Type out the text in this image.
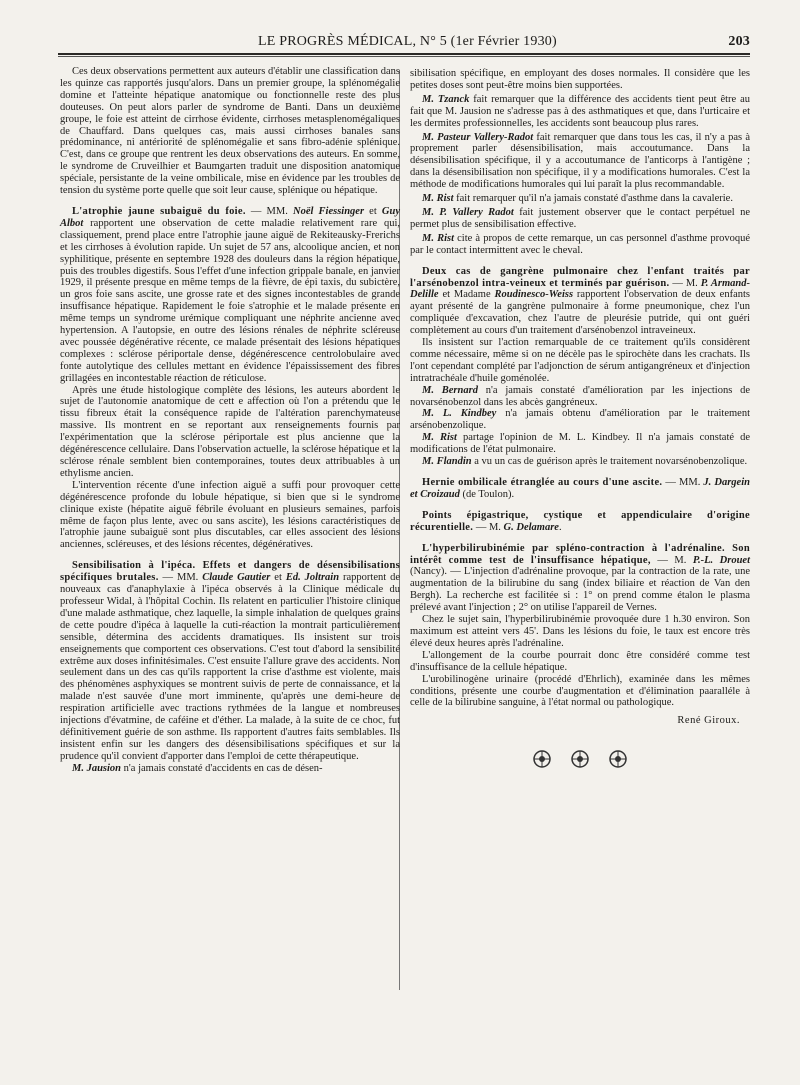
LE PROGRÈS MÉDICAL, N° 5 (1er Février 1930)	203

Ces deux observations permettent aux auteurs d'établir une classification dans les quinze cas rapportés jusqu'alors. Dans un premier groupe, la splénomégalie domine et l'atteinte hépatique anatomique ou fonctionnelle reste des plus douteuses. On peut alors parler de syndrome de Banti. Dans un deuxième groupe, le foie est atteint de cirrhose évidente, cirrhoses metasplenomégaliques de Chauffard. Dans quelques cas, mais aussi cirrhoses banales sans prédominance, ni antériorité de splénomégalie et sans fibro-adénie splénique. C'est, dans ce groupe que rentrent les deux observations des auteurs. En somme, le syndrome de Cruveilhier et Baumgarten traduit une disposition anatomique spéciale, persistante de la veine ombilicale, mise en évidence par les troubles de tension du système porte quelle que soit leur cause, splénique ou hépatique.

L'atrophie jaune subaiguë du foie. — MM. Noël Fiessinger et Guy Albot rapportent une observation de cette maladie relativement rare qui, classiquement, prend place entre l'atrophie jaune aiguë de Rekiteausky-Frerichs et les cirrhoses à évolution rapide. Un sujet de 57 ans, alcoolique ancien, et non syphilitique, présente en septembre 1928 des douleurs dans la région hépatique, puis des troubles digestifs. Sous l'effet d'une infection grippale banale, en janvier 1929, il présente presque en même temps de la fièvre, de épi taxis, du subictère, un gros foie sans ascite, une grosse rate et des signes incontestables de grande insuffisance hépatique. Rapidement le foie s'atrophie et le malade présente en même temps un syndrome urémique compliquant une néphrite ancienne avec hypertension. A l'autopsie, en outre des lésions rénales de néphrite scléreuse avec poussée dégénérative récente, ce malade présentait des lésions hépatiques complexes : sclérose périportale dense, dégénérescence centrolobulaire avec fonte autolytique des cellules mettant en évidence l'épaississement des fibres grillagées en incontestable réaction de réticulose.

Après une étude histologique complète des lésions, les auteurs abordent le sujet de l'autonomie anatomique de cett e affection où l'on a prétendu que le tissu fibreux était la conséquence rapide de l'altération parenchymateuse massive. Ils montrent en se reportant aux renseignements fournis par l'expérimentation que la sclérose périportale est plus ancienne que la dégénérescence cellulaire. Dans l'observation actuelle, la sclérose hépatique et la sclérose rénale semblent bien contemporaines, toutes deux attribuables à un ethylisme ancien.

L'intervention récente d'une infection aiguë a suffi pour provoquer cette dégénérescence profonde du lobule hépatique, si bien que si le syndrome clinique existe (hépatite aiguë fébrile évoluant en plusieurs semaines, parfois même de façon plus lente, avec ou sans ascite), les lésions caractéristiques de l'atrophie jaune subaiguë sont plus discutables, car elles associent des lésions anciennes, scléreuses, et des lésions récentes, dégénératives.

Sensibilisation à l'ipéca. Effets et dangers de désensibilisations spécifiques brutales. — MM. Claude Gautier et Ed. Joltrain rapportent de nouveaux cas d'anaphylaxie à l'ipéca observés à la Clinique médicale du professeur Widal, à l'hôpital Cochin. Ils relatent en particulier l'histoire clinique d'une malade asthmatique, chez laquelle, la simple inhalation de quelques grains de cette poudre d'ipéca à laquelle la cuti-réaction la montrait particulièrement sensible, détermina des accidents dramatiques. Ils insistent sur trois enseignements que comportent ces observations. C'est tout d'abord la sensibilité extrême aux doses infinitésimales. C'est ensuite l'allure grave des accidents. Non seulement dans un des cas qu'ils rapportent la crise d'asthme est violente, mais des phénomènes asphyxiques se montrent suivis de perte de connaissance, et la malade n'est sauvée d'une mort imminente, qu'après une demi-heure de respiration artificielle avec tractions rythmées de la langue et nombreuses injections d'évatmine, de caféine et d'éther. La malade, à la suite de ce choc, fut définitivement guérie de son asthme. Ils rapportent d'autres faits semblables. Ils insistent enfin sur les dangers des désensibilisations spécifiques et sur la prudence qu'il convient d'apporter dans l'emploi de cette thérapeutique.

M. Jausion n'a jamais constaté d'accidents en cas de désen-

sibilisation spécifique, en employant des doses normales. Il considère que les petites doses sont peut-être moins bien supportées.

M. Tzanck fait remarquer que la différence des accidents tient peut être au fait que M. Jausion ne s'adresse pas à des asthmatiques et que, dans l'urticaire et les dermites professionnelles, les accidents sont beaucoup plus rares.

M. Pasteur Vallery-Radot fait remarquer que dans tous les cas, il n'y a pas à proprement parler désensibilisation, mais accoutumance. Dans la désensibilisation spécifique, il y a accoutumance de l'anticorps à l'antigène ; dans la désensibilisation non spécifique, il y a modifications humorales. C'est la méthode de modifications humorales qui lui paraît la plus recommandable.

M. Rist fait remarquer qu'il n'a jamais constaté d'asthme dans la cavalerie.

M. P. Vallery Radot fait justement observer que le contact perpétuel ne permet plus de sensibilisation effective.

M. Rist cite à propos de cette remarque, un cas personnel d'asthme provoqué par le contact intermittent avec le cheval.

Deux cas de gangrène pulmonaire chez l'enfant traités par l'arsénobenzol intra-veineux et terminés par guérison. — M. P. Armand-Delille et Madame Roudinesco-Weiss rapportent l'observation de deux enfants ayant présenté de la gangrène pulmonaire à forme pneumonique, chez l'un compliquée d'excavation, chez l'autre de pleurésie putride, qui ont guéri complètement au cours d'un traitement d'arsénobenzol intraveineux.

Ils insistent sur l'action remarquable de ce traitement qu'ils considèrent comme nécessaire, même si on ne décèle pas le spirochète dans les crachats. Ils l'ont cependant complété par l'adjonction de sérum antigangréneux et d'injection intratrachéale d'huile goménolée.

M. Bernard n'a jamais constaté d'amélioration par les injections de novarsénobenzol dans les abcès gangréneux.

M. L. Kindbey n'a jamais obtenu d'amélioration par le traitement arsénobenzolique.

M. Rist partage l'opinion de M. L. Kindbey. Il n'a jamais constaté de modifications de l'état pulmonaire.

M. Flandin a vu un cas de guérison après le traitement novarsénobenzolique.

Hernie ombilicale étranglée au cours d'une ascite. — MM. J. Dargein et Croizaud (de Toulon).

Points épigastrique, cystique et appendiculaire d'origine récurentielle. — M. G. Delamare.

L'hyperbilirubinémie par spléno-contraction à l'adrénaline. Son intérêt comme test de l'insuffisance hépatique, — M. P.-L. Drouet (Nancy). — L'injection d'adrénaline provoque, par la contraction de la rate, une augmentation de la bilirubine du sang (index biliaire et réaction de Van den Bergh). La recherche est facilitée si : 1° on prend comme étalon le plasma prélevé avant l'injection ; 2° on utilise l'appareil de Vernes.

Chez le sujet sain, l'hyperbilirubinémie provoquée dure 1 h.30 environ. Son maximum est atteint vers 45'. Dans les lésions du foie, le taux est encore très élevé deux heures après l'adrénaline.

L'allongement de la courbe pourrait donc être considéré comme test d'insuffisance de la cellule hépatique.

L'urobilinogène urinaire (procédé d'Ehrlich), examinée dans les mêmes conditions, présente une courbe d'augmentation et d'élimination paaralléle à celle de la bilirubine sanguine, à l'état normal ou pathologique.

René Giroux.
